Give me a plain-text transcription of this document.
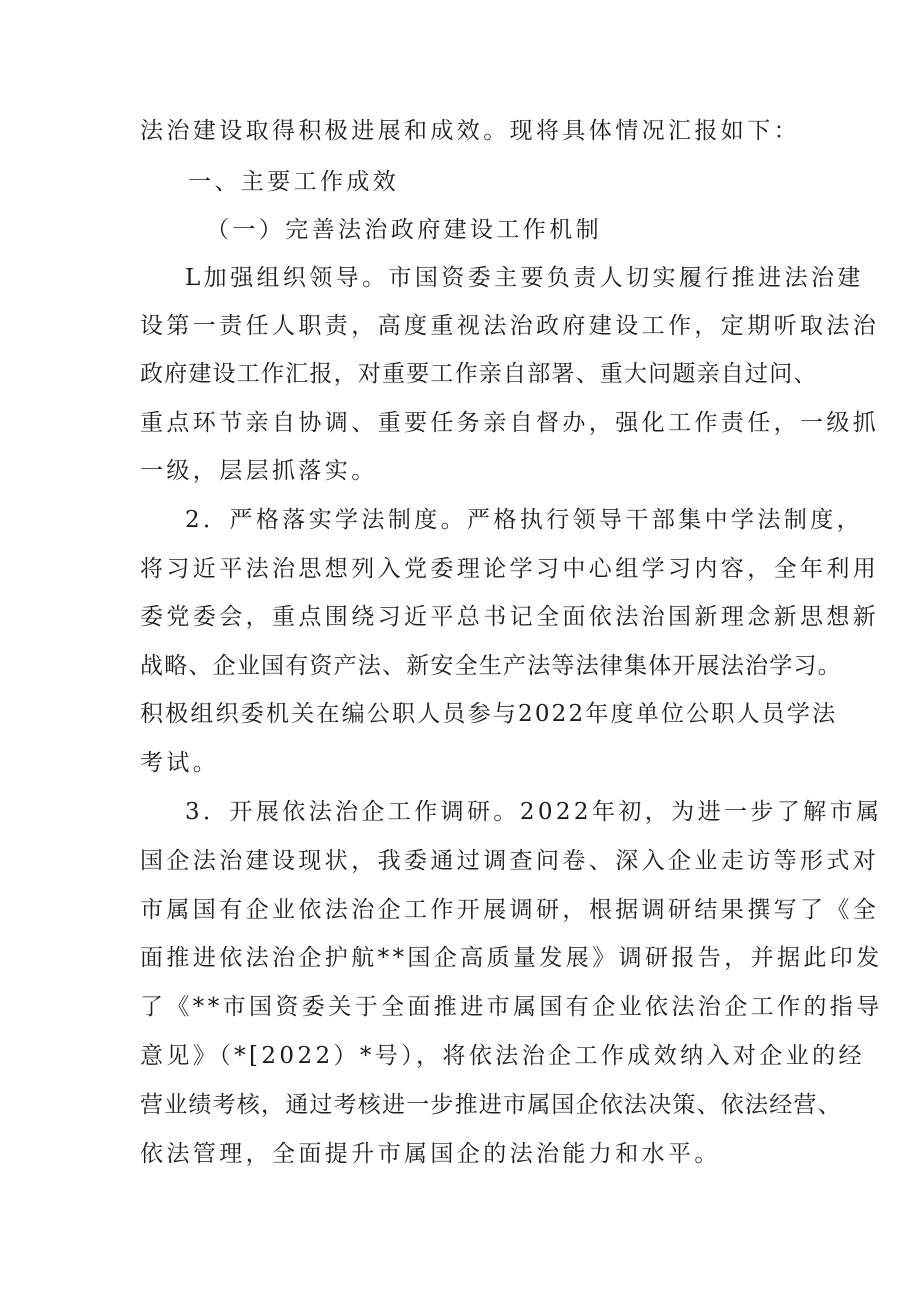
法治建设取得积极进展和成效。现将具体情况汇报如下：
一、主要工作成效
（一）完善法治政府建设工作机制
L加强组织领导。市国资委主要负责人切实履行推进法治建
设第一责任人职责，高度重视法治政府建设工作，定期听取法治
政府建设工作汇报，对重要工作亲自部署、重大问题亲自过问、
重点环节亲自协调、重要任务亲自督办，强化工作责任，一级抓
一级，层层抓落实。
2．严格落实学法制度。严格执行领导干部集中学法制度，
将习近平法治思想列入党委理论学习中心组学习内容，全年利用
委党委会，重点围绕习近平总书记全面依法治国新理念新思想新
战略、企业国有资产法、新安全生产法等法律集体开展法治学习。
积极组织委机关在编公职人员参与2022年度单位公职人员学法
考试。
3．开展依法治企工作调研。2022年初，为进一步了解市属
国企法治建设现状，我委通过调查问卷、深入企业走访等形式对
市属国有企业依法治企工作开展调研，根据调研结果撰写了《全
面推进依法治企护航**国企高质量发展》调研报告，并据此印发
了《**市国资委关于全面推进市属国有企业依法治企工作的指导
意见》（*[2022）*号），将依法治企工作成效纳入对企业的经
营业绩考核，通过考核进一步推进市属国企依法决策、依法经营、
依法管理，全面提升市属国企的法治能力和水平。
